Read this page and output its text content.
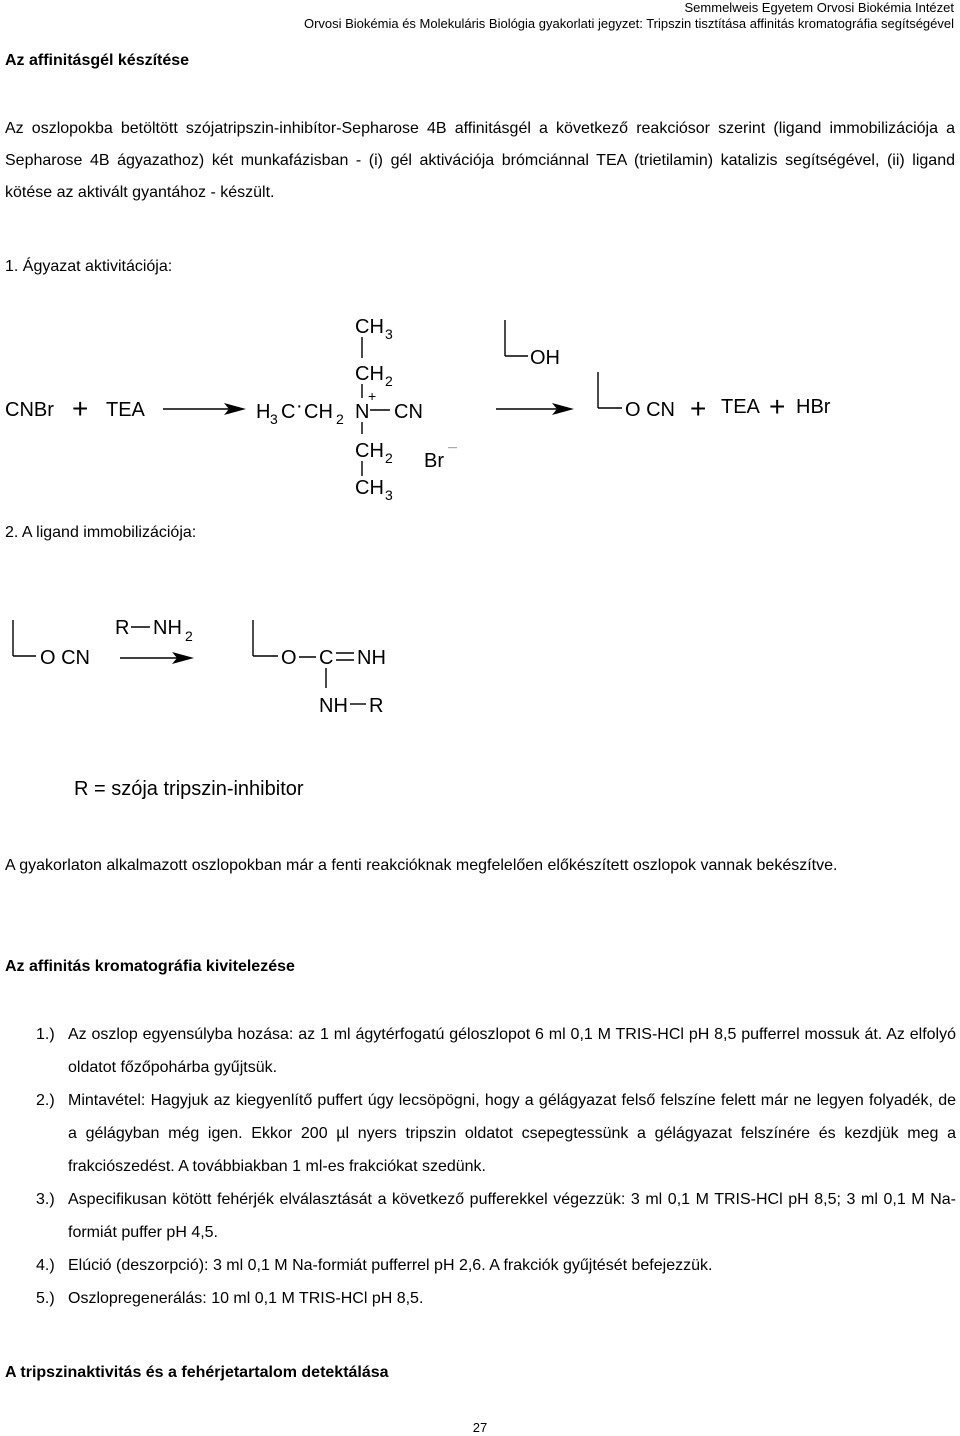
Semmelweis Egyetem Orvosi Biokémia Intézet
Orvosi Biokémia és Molekuláris Biológia gyakorlati jegyzet: Tripszin tisztítása affinitás kromatográfia segítségével
Az affinitásgél készítése
Az oszlopokba betöltött szójatripszin-inhibítor-Sepharose 4B affinitásgél a következő reakciósor szerint (ligand immobilizációja a Sepharose 4B ágyazathoz) két munkafázisban - (i) gél aktivációja brómciánnal TEA (trietilamin) katalizis segítségével, (ii) ligand kötése az aktivált gyantához - készült.
1. Ágyazat aktivitációja:
CNBr + TEA	H 3 C · CH 2 N
+
CN
CH 3
CH 2
CH 2
CH 3
Br
—
OH
O CN + TEA + HBr
2. A ligand immobilizációja:
O CN
R NH 2
O C NH
NH R
R = szója tripszin-inhibitor
A gyakorlaton alkalmazott oszlopokban már a fenti reakcióknak megfelelően előkészített oszlopok vannak bekészítve.
Az affinitás kromatográfia kivitelezése
1.) Az oszlop egyensúlyba hozása: az 1 ml ágytérfogatú géloszlopot 6 ml 0,1 M TRIS-HCl pH 8,5 pufferrel mossuk át. Az elfolyó oldatot főzőpohárba gyűjtsük.
2.) Mintavétel: Hagyjuk az kiegyenlítő puffert úgy lecsöpögni, hogy a gélágyazat felső felszíne felett már ne legyen folyadék, de a gélágyban még igen. Ekkor 200 µl nyers tripszin oldatot csepegtessünk a gélágyazat felszínére és kezdjük meg a frakciószedést. A továbbiakban 1 ml-es frakciókat szedünk.
3.) Aspecifikusan kötött fehérjék elválasztását a következő pufferekkel végezzük: 3 ml 0,1 M TRIS-HCl pH 8,5; 3 ml 0,1 M Na-formiát puffer pH 4,5.
4.) Elúció (deszorpció): 3 ml 0,1 M Na-formiát pufferrel pH 2,6. A frakciók gyűjtését befejezzük.
5.) Oszlopregenerálás: 10 ml 0,1 M TRIS-HCl pH 8,5.
A tripszinaktivitás és a fehérjetartalom detektálása
27
